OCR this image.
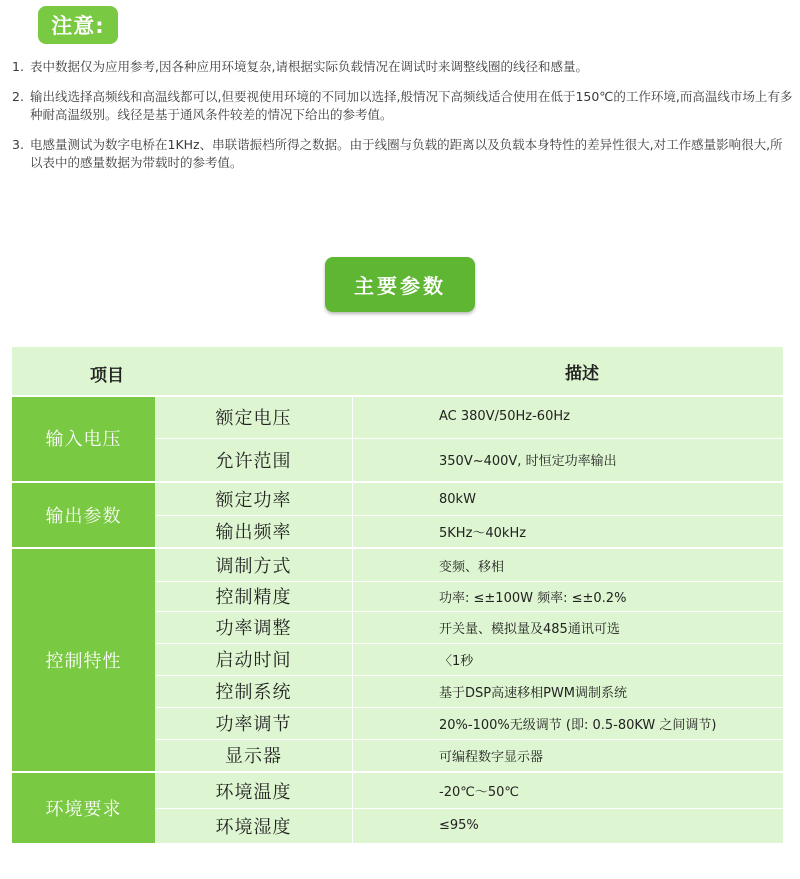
注意:
1. 表中数据仅为应用参考,因各种应用环境复杂,请根据实际负载情况在调试时来调整线圈的线径和感量。
2. 输出线选择高频线和高温线都可以,但要视使用环境的不同加以选择,般情况下高频线适合使用在低于150℃的工作环境,而高温线市场上有多种耐高温级别。线径是基于通风条件较差的情况下给出的参考值。
3. 电感量测试为数字电桥在1KHz、串联谐振档所得之数据。由于线圈与负载的距离以及负载本身特性的差异性很大,对工作感量影响很大,所以表中的感量数据为带载时的参考值。
主要参数
项目	描述
输入电压
额定电压	AC 380V/50Hz-60Hz
允许范围	350V~400V, 时恒定功率输出
输出参数
额定功率	80kW
输出频率	5KHz～40kHz
控制特性
调制方式	变频、移相
控制精度	功率: ≤±100W 频率: ≤±0.2%
功率调整	开关量、模拟量及485通讯可选
启动时间	〈1秒
控制系统	基于DSP高速移相PWM调制系统
功率调节	20%-100%无级调节 (即: 0.5-80KW 之间调节)
显示器	可编程数字显示器
环境要求
环境温度	-20℃～50℃
环境湿度	≤95%
